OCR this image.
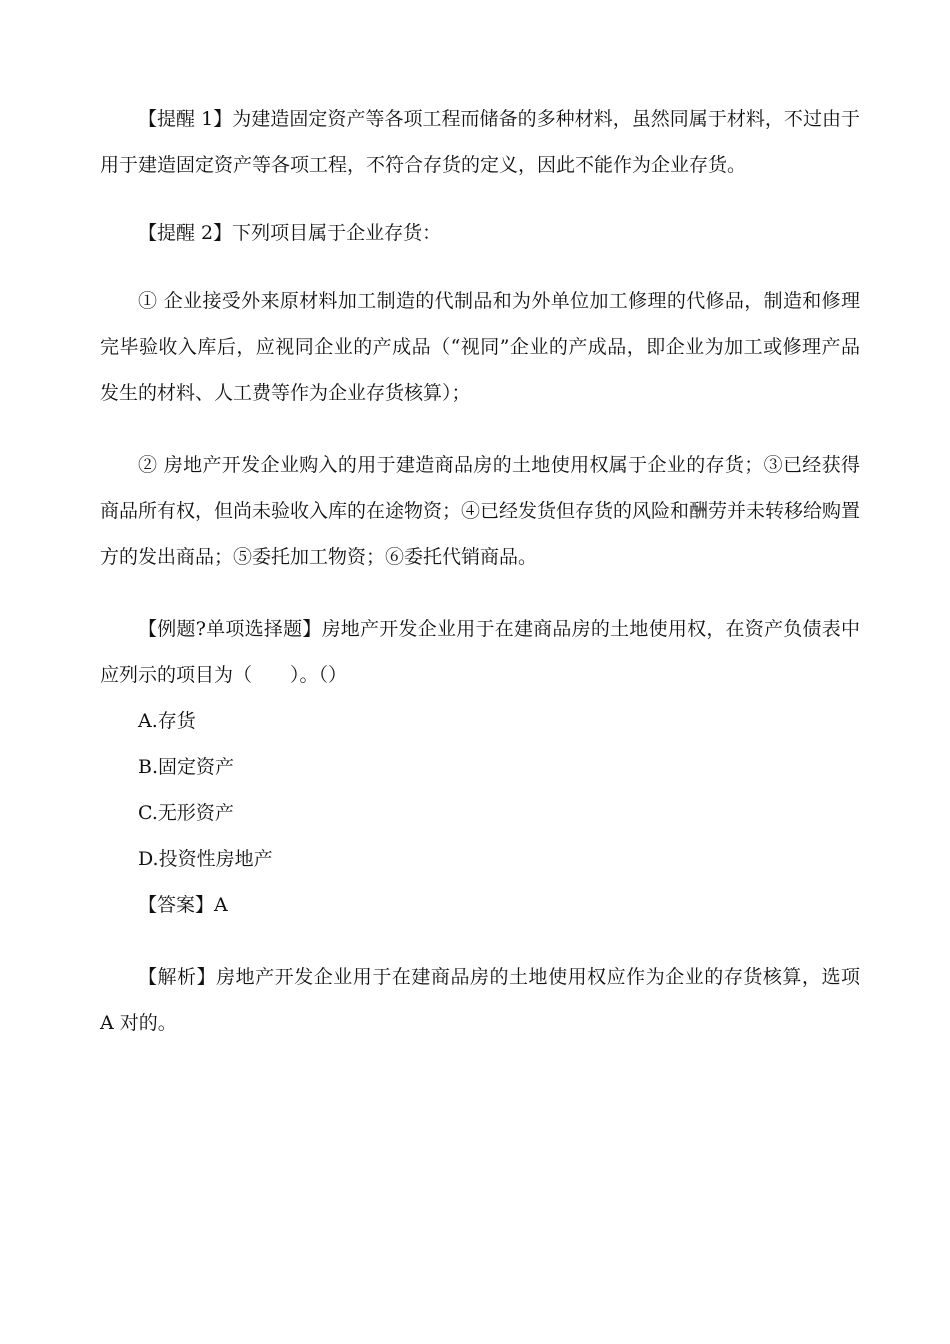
【提醒 1】为建造固定资产等各项工程而储备的多种材料，虽然同属于材料，不过由于用于建造固定资产等各项工程，不符合存货的定义，因此不能作为企业存货。

【提醒 2】下列项目属于企业存货：

① 企业接受外来原材料加工制造的代制品和为外单位加工修理的代修品，制造和修理完毕验收入库后，应视同企业的产成品（“视同”企业的产成品，即企业为加工或修理产品发生的材料、人工费等作为企业存货核算）；

② 房地产开发企业购入的用于建造商品房的土地使用权属于企业的存货；③已经获得商品所有权，但尚未验收入库的在途物资；④已经发货但存货的风险和酬劳并未转移给购置方的发出商品；⑤委托加工物资；⑥委托代销商品。

【例题?单项选择题】房地产开发企业用于在建商品房的土地使用权，在资产负债表中应列示的项目为（　　）。（）

A.存货

B.固定资产

C.无形资产

D.投资性房地产

【答案】A

【解析】房地产开发企业用于在建商品房的土地使用权应作为企业的存货核算，选项 A 对的。
